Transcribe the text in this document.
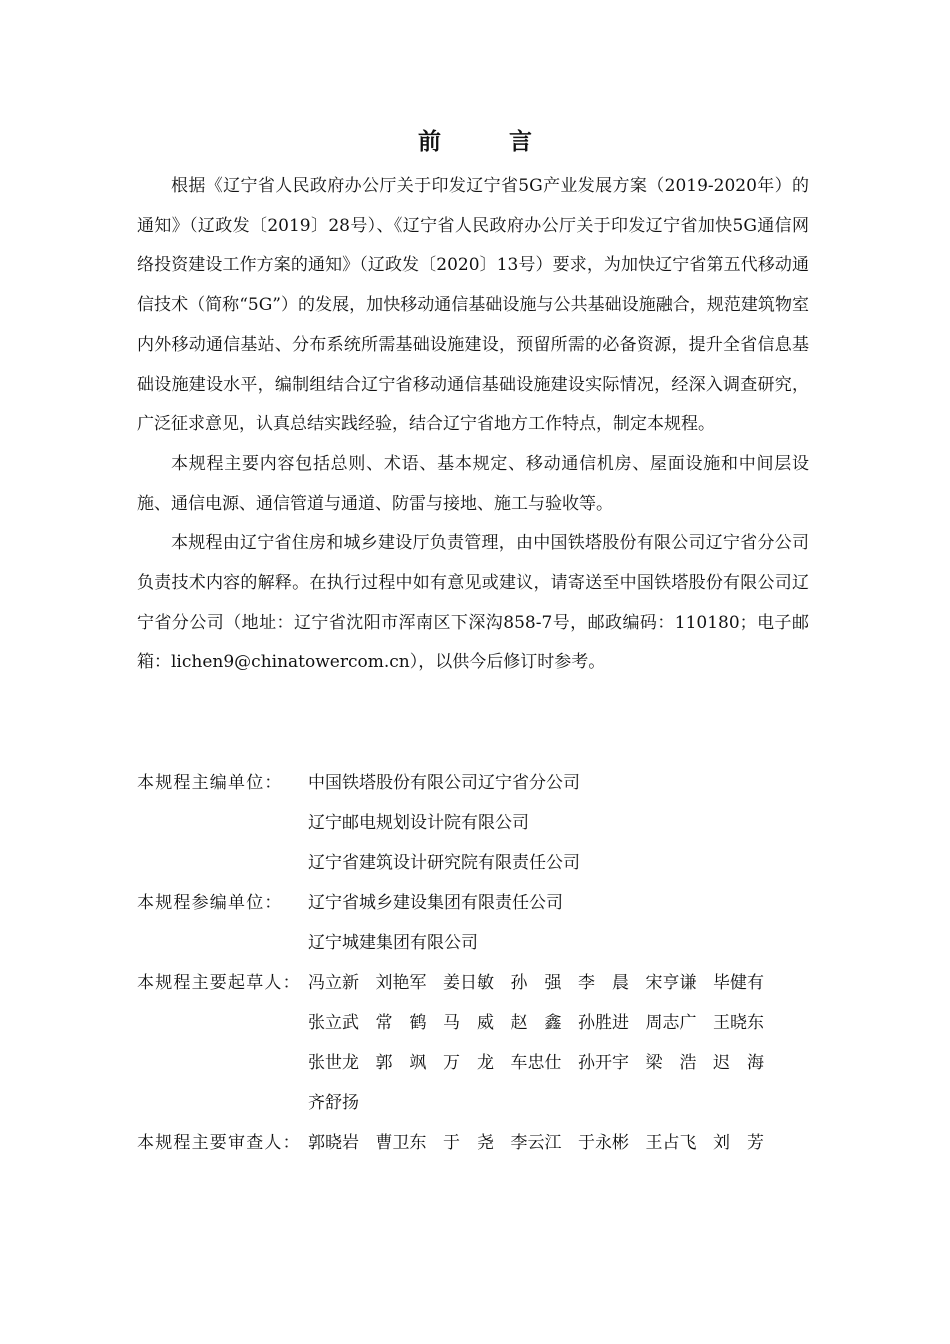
前 言

根据《辽宁省人民政府办公厅关于印发辽宁省5G产业发展方案（2019-2020年）的通知》（辽政发〔2019〕28号）、《辽宁省人民政府办公厅关于印发辽宁省加快5G通信网络投资建设工作方案的通知》（辽政发〔2020〕13号）要求，为加快辽宁省第五代移动通信技术（简称“5G”）的发展，加快移动通信基础设施与公共基础设施融合，规范建筑物室内外移动通信基站、分布系统所需基础设施建设，预留所需的必备资源，提升全省信息基础设施建设水平，编制组结合辽宁省移动通信基础设施建设实际情况，经深入调查研究，广泛征求意见，认真总结实践经验，结合辽宁省地方工作特点，制定本规程。

本规程主要内容包括总则、术语、基本规定、移动通信机房、屋面设施和中间层设施、通信电源、通信管道与通道、防雷与接地、施工与验收等。

本规程由辽宁省住房和城乡建设厅负责管理，由中国铁塔股份有限公司辽宁省分公司负责技术内容的解释。在执行过程中如有意见或建议，请寄送至中国铁塔股份有限公司辽宁省分公司（地址：辽宁省沈阳市浑南区下深沟858-7号，邮政编码：110180；电子邮箱：lichen9@chinatowercom.cn），以供今后修订时参考。

本规程主编单位：	中国铁塔股份有限公司辽宁省分公司
辽宁邮电规划设计院有限公司
辽宁省建筑设计研究院有限责任公司
本规程参编单位：	辽宁省城乡建设集团有限责任公司
辽宁城建集团有限公司
本规程主要起草人： 冯立新 刘艳军 姜日敏 孙　强 李　晨 宋亨谦 毕健有
张立武 常　鹤 马　威 赵　鑫 孙胜进 周志广 王晓东
张世龙 郭　飒 万　龙 车忠仕 孙开宇 梁　浩 迟　海
齐舒扬
本规程主要审查人： 郭晓岩 曹卫东 于　尧 李云江 于永彬 王占飞 刘　芳
